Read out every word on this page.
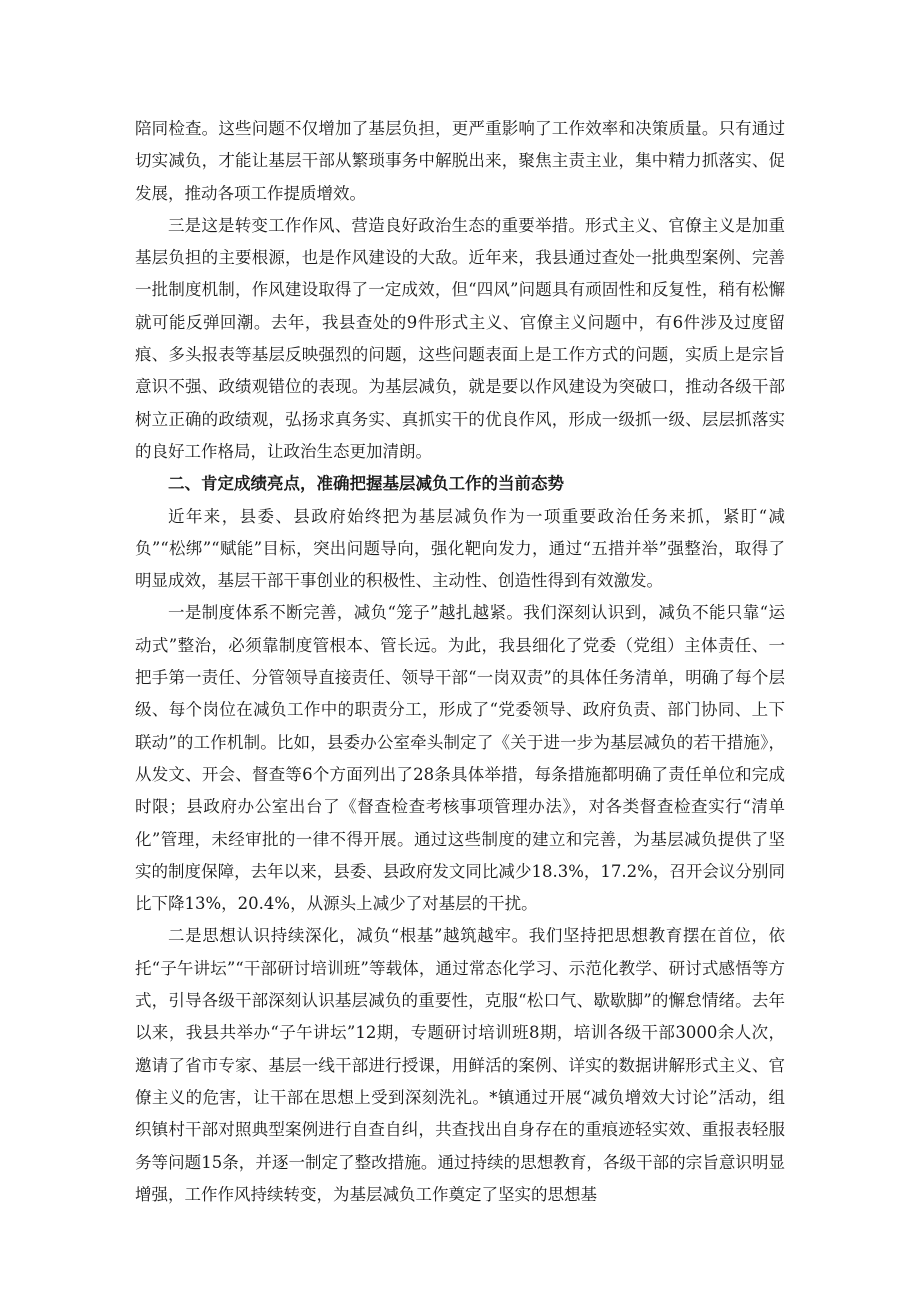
陪同检查。这些问题不仅增加了基层负担，更严重影响了工作效率和决策质量。只有通过切实减负，才能让基层干部从繁琐事务中解脱出来，聚焦主责主业，集中精力抓落实、促发展，推动各项工作提质增效。

三是这是转变工作作风、营造良好政治生态的重要举措。形式主义、官僚主义是加重基层负担的主要根源，也是作风建设的大敌。近年来，我县通过查处一批典型案例、完善一批制度机制，作风建设取得了一定成效，但“四风”问题具有顽固性和反复性，稍有松懈就可能反弹回潮。去年，我县查处的9件形式主义、官僚主义问题中，有6件涉及过度留痕、多头报表等基层反映强烈的问题，这些问题表面上是工作方式的问题，实质上是宗旨意识不强、政绩观错位的表现。为基层减负，就是要以作风建设为突破口，推动各级干部树立正确的政绩观，弘扬求真务实、真抓实干的优良作风，形成一级抓一级、层层抓落实的良好工作格局，让政治生态更加清朗。

二、肯定成绩亮点，准确把握基层减负工作的当前态势

近年来，县委、县政府始终把为基层减负作为一项重要政治任务来抓，紧盯“减负”“松绑”“赋能”目标，突出问题导向，强化靶向发力，通过“五措并举”强整治，取得了明显成效，基层干部干事创业的积极性、主动性、创造性得到有效激发。

一是制度体系不断完善，减负“笼子”越扎越紧。我们深刻认识到，减负不能只靠“运动式”整治，必须靠制度管根本、管长远。为此，我县细化了党委（党组）主体责任、一把手第一责任、分管领导直接责任、领导干部“一岗双责”的具体任务清单，明确了每个层级、每个岗位在减负工作中的职责分工，形成了“党委领导、政府负责、部门协同、上下联动”的工作机制。比如，县委办公室牵头制定了《关于进一步为基层减负的若干措施》，从发文、开会、督查等6个方面列出了28条具体举措，每条措施都明确了责任单位和完成时限；县政府办公室出台了《督查检查考核事项管理办法》，对各类督查检查实行“清单化”管理，未经审批的一律不得开展。通过这些制度的建立和完善，为基层减负提供了坚实的制度保障，去年以来，县委、县政府发文同比减少18.3%，17.2%，召开会议分别同比下降13%，20.4%，从源头上减少了对基层的干扰。

二是思想认识持续深化，减负“根基”越筑越牢。我们坚持把思想教育摆在首位，依托“子午讲坛”“干部研讨培训班”等载体，通过常态化学习、示范化教学、研讨式感悟等方式，引导各级干部深刻认识基层减负的重要性，克服“松口气、歇歇脚”的懈怠情绪。去年以来，我县共举办“子午讲坛”12期，专题研讨培训班8期，培训各级干部3000余人次，邀请了省市专家、基层一线干部进行授课，用鲜活的案例、详实的数据讲解形式主义、官僚主义的危害，让干部在思想上受到深刻洗礼。*镇通过开展“减负增效大讨论”活动，组织镇村干部对照典型案例进行自查自纠，共查找出自身存在的重痕迹轻实效、重报表轻服务等问题15条，并逐一制定了整改措施。通过持续的思想教育，各级干部的宗旨意识明显增强，工作作风持续转变，为基层减负工作奠定了坚实的思想基
